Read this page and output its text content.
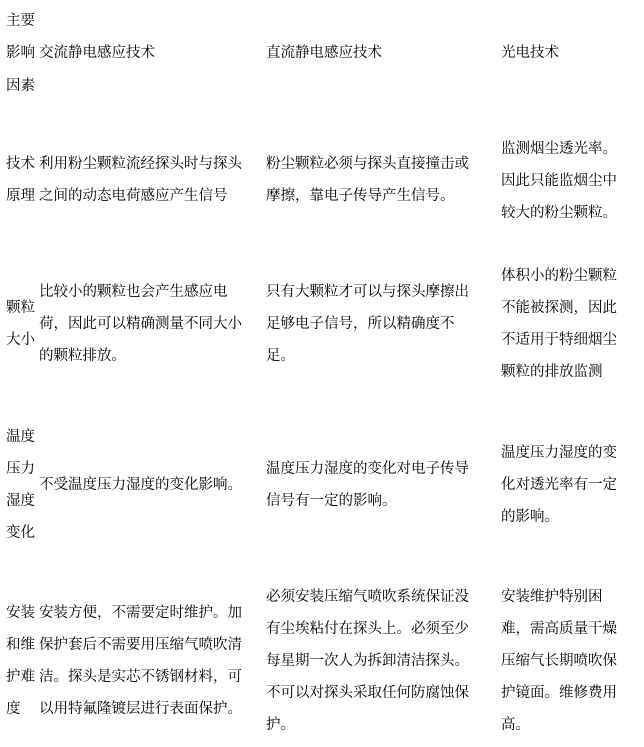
主要
影响
因素
交流静电感应技术	直流静电感应技术	光电技术
技术
原理
利用粉尘颗粒流经探头时与探头
之间的动态电荷感应产生信号
粉尘颗粒必须与探头直接撞击或
摩擦，靠电子传导产生信号。
监测烟尘透光率。
因此只能监烟尘中
较大的粉尘颗粒。
颗粒
大小
比较小的颗粒也会产生感应电
荷，因此可以精确测量不同大小
的颗粒排放。
只有大颗粒才可以与探头摩擦出
足够电子信号，所以精确度不
足。
体积小的粉尘颗粒
不能被探测，因此
不适用于特细烟尘
颗粒的排放监测
温度
压力
湿度
变化
不受温度压力湿度的变化影响。
温度压力湿度的变化对电子传导
信号有一定的影响。
温度压力湿度的变
化对透光率有一定
的影响。
安装
和维
护难
度
安装方便，不需要定时维护。加
保护套后不需要用压缩气喷吹清
洁。探头是实芯不锈钢材料，可
以用特氟隆镀层进行表面保护。
必须安装压缩气喷吹系统保证没
有尘埃粘付在探头上。必须至少
每星期一次人为拆卸清洁探头。
不可以对探头采取任何防腐蚀保
护。
安装维护特别困
难，需高质量干燥
压缩气长期喷吹保
护镜面。维修费用
高。
